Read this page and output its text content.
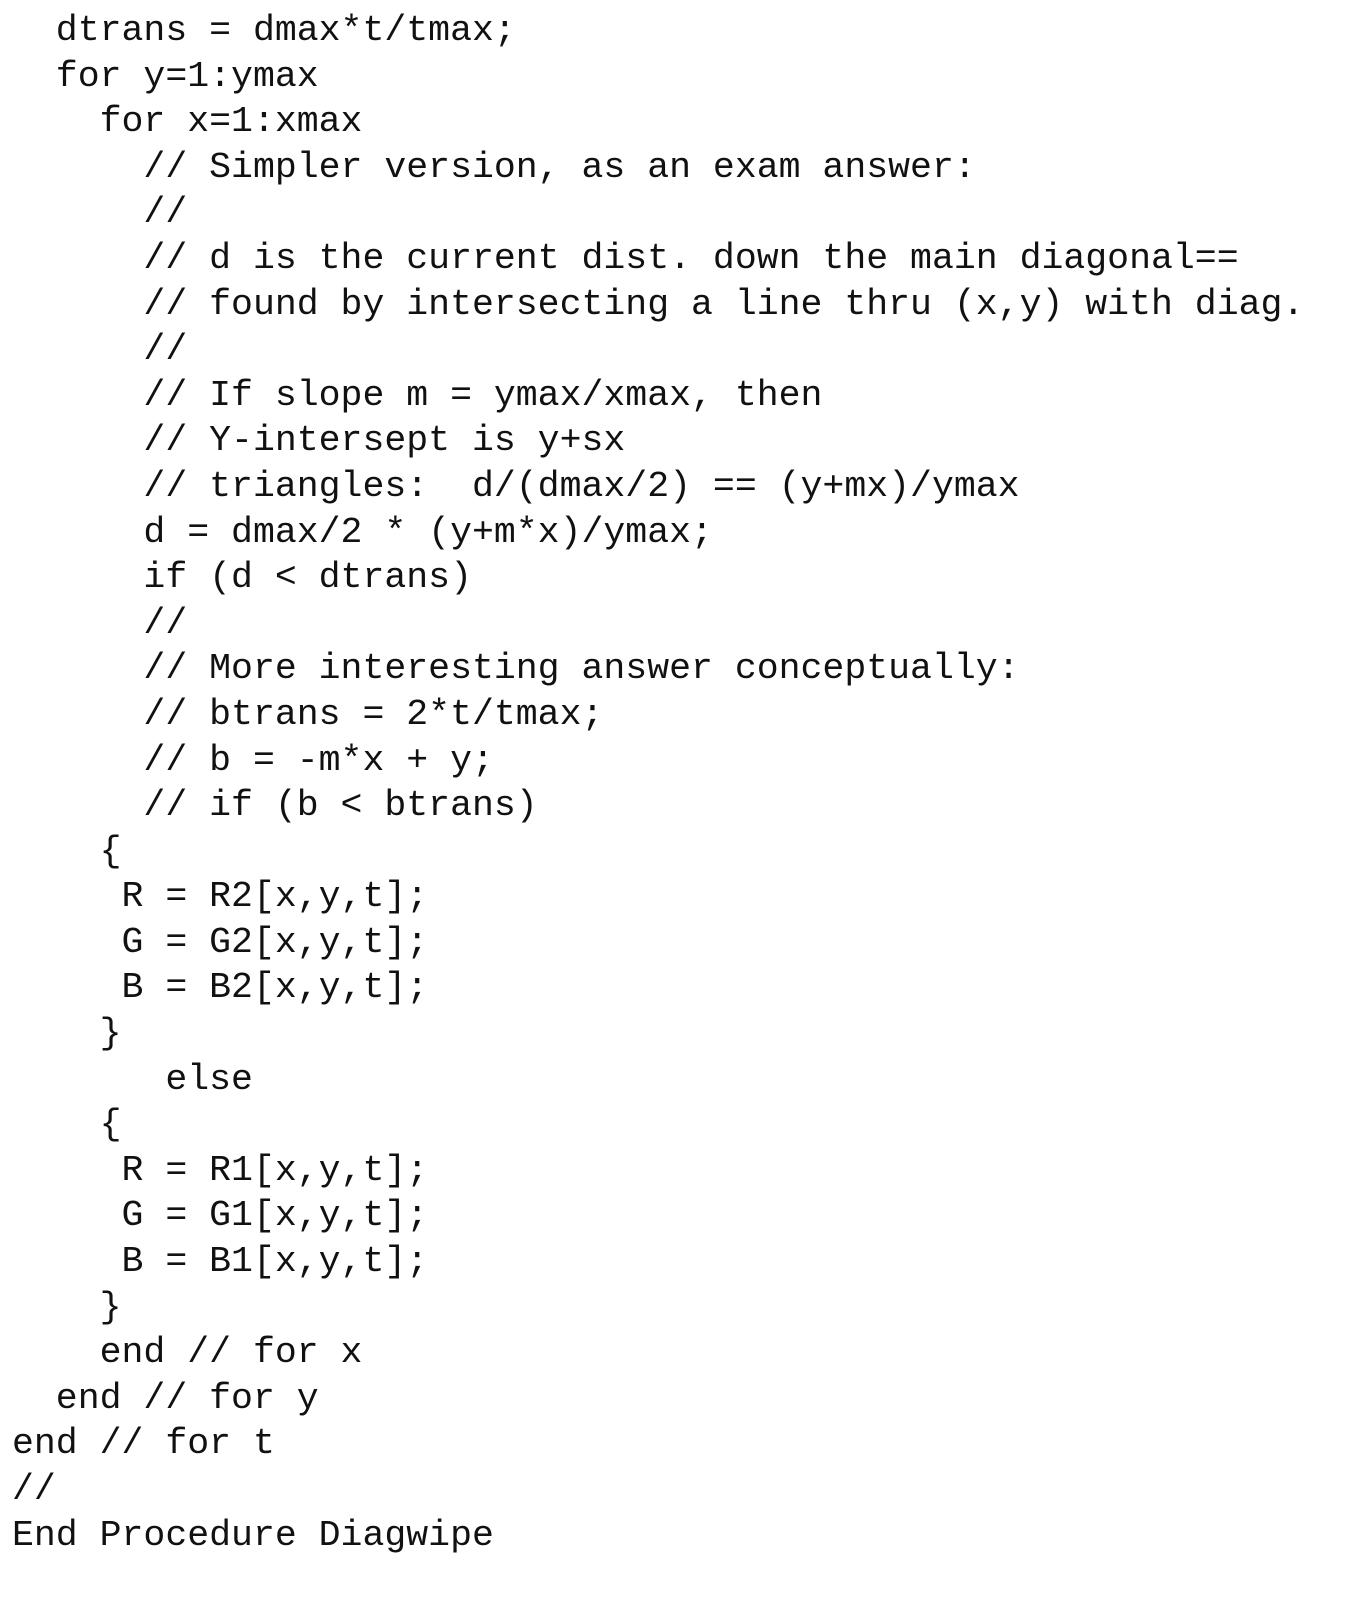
dtrans = dmax*t/tmax;
for y=1:ymax
for x=1:xmax
// Simpler version, as an exam answer:
//
// d is the current dist. down the main diagonal==
// found by intersecting a line thru (x,y) with diag.
//
// If slope m = ymax/xmax, then
// Y-intersept is y+sx
// triangles:  d/(dmax/2) == (y+mx)/ymax
d = dmax/2 * (y+m*x)/ymax;
if (d < dtrans)
//
// More interesting answer conceptually:
// btrans = 2*t/tmax;
// b = -m*x + y;
// if (b < btrans)
{
R = R2[x,y,t];
G = G2[x,y,t];
B = B2[x,y,t];
}
else
{
R = R1[x,y,t];
G = G1[x,y,t];
B = B1[x,y,t];
}
end // for x
end // for y
end // for t
//
End Procedure Diagwipe
